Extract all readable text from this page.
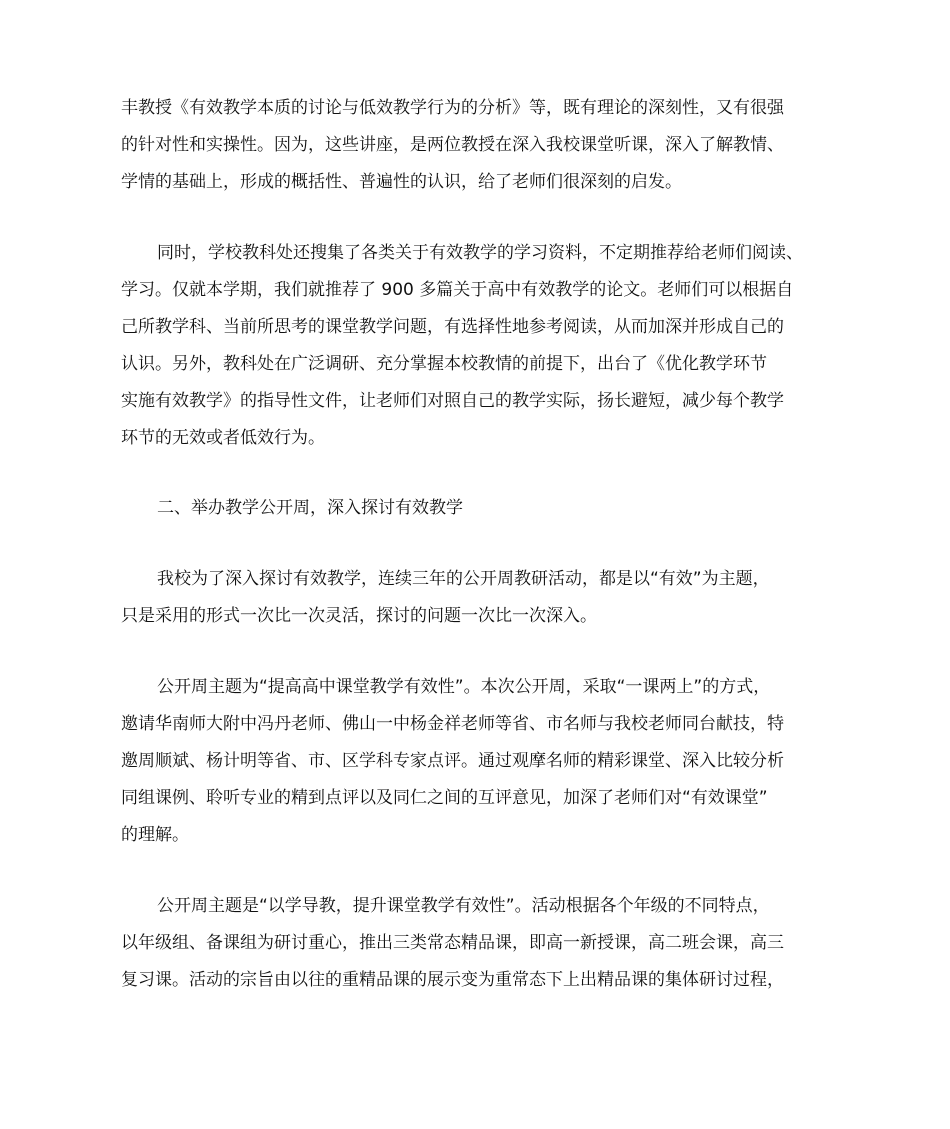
丰教授《有效教学本质的讨论与低效教学行为的分析》等，既有理论的深刻性，又有很强
的针对性和实操性。因为，这些讲座，是两位教授在深入我校课堂听课，深入了解教情、
学情的基础上，形成的概括性、普遍性的认识，给了老师们很深刻的启发。
同时，学校教科处还搜集了各类关于有效教学的学习资料，不定期推荐给老师们阅读、
学习。仅就本学期，我们就推荐了 900 多篇关于高中有效教学的论文。老师们可以根据自
己所教学科、当前所思考的课堂教学问题，有选择性地参考阅读，从而加深并形成自己的
认识。另外，教科处在广泛调研、充分掌握本校教情的前提下，出台了《优化教学环节
实施有效教学》的指导性文件，让老师们对照自己的教学实际，扬长避短，减少每个教学
环节的无效或者低效行为。
二、举办教学公开周，深入探讨有效教学
我校为了深入探讨有效教学，连续三年的公开周教研活动，都是以“有效”为主题，
只是采用的形式一次比一次灵活，探讨的问题一次比一次深入。
公开周主题为“提高高中课堂教学有效性”。本次公开周，采取“一课两上”的方式，
邀请华南师大附中冯丹老师、佛山一中杨金祥老师等省、市名师与我校老师同台献技，特
邀周顺斌、杨计明等省、市、区学科专家点评。通过观摩名师的精彩课堂、深入比较分析
同组课例、聆听专业的精到点评以及同仁之间的互评意见，加深了老师们对“有效课堂”
的理解。
公开周主题是“以学导教，提升课堂教学有效性”。活动根据各个年级的不同特点，
以年级组、备课组为研讨重心，推出三类常态精品课，即高一新授课，高二班会课，高三
复习课。活动的宗旨由以往的重精品课的展示变为重常态下上出精品课的集体研讨过程，
